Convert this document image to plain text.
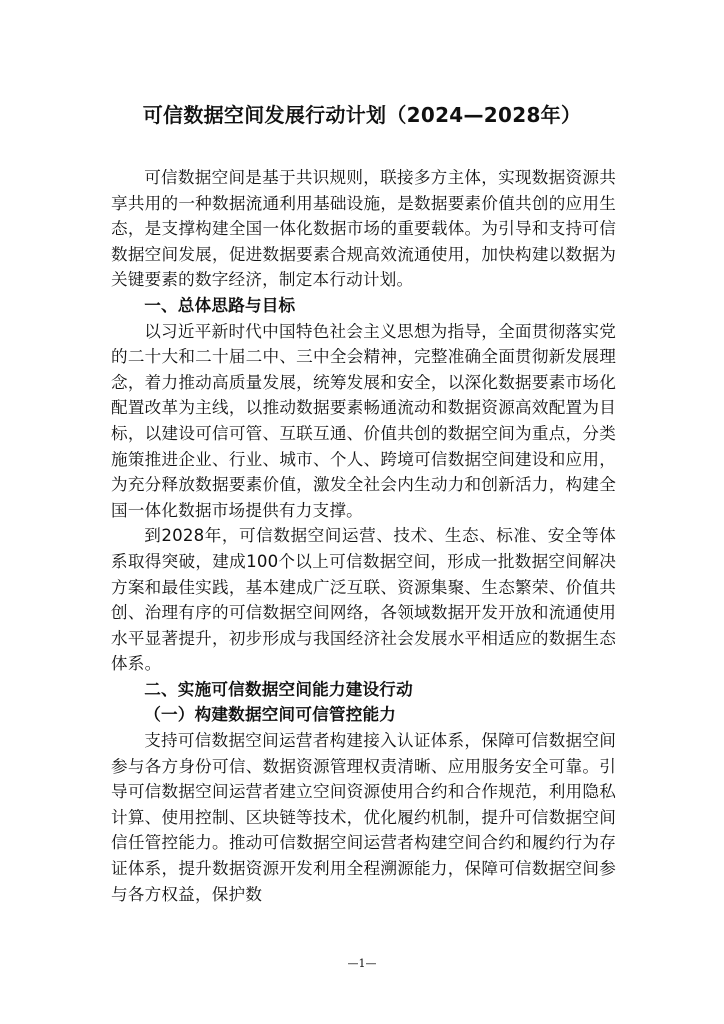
可信数据空间发展行动计划（2024—2028年）

可信数据空间是基于共识规则，联接多方主体，实现数据资源共享共用的一种数据流通利用基础设施，是数据要素价值共创的应用生态，是支撑构建全国一体化数据市场的重要载体。为引导和支持可信数据空间发展，促进数据要素合规高效流通使用，加快构建以数据为关键要素的数字经济，制定本行动计划。

一、总体思路与目标

以习近平新时代中国特色社会主义思想为指导，全面贯彻落实党的二十大和二十届二中、三中全会精神，完整准确全面贯彻新发展理念，着力推动高质量发展，统筹发展和安全，以深化数据要素市场化配置改革为主线，以推动数据要素畅通流动和数据资源高效配置为目标，以建设可信可管、互联互通、价值共创的数据空间为重点，分类施策推进企业、行业、城市、个人、跨境可信数据空间建设和应用，为充分释放数据要素价值，激发全社会内生动力和创新活力，构建全国一体化数据市场提供有力支撑。

到2028年，可信数据空间运营、技术、生态、标准、安全等体系取得突破，建成100个以上可信数据空间，形成一批数据空间解决方案和最佳实践，基本建成广泛互联、资源集聚、生态繁荣、价值共创、治理有序的可信数据空间网络，各领域数据开发开放和流通使用水平显著提升，初步形成与我国经济社会发展水平相适应的数据生态体系。

二、实施可信数据空间能力建设行动
（一）构建数据空间可信管控能力

支持可信数据空间运营者构建接入认证体系，保障可信数据空间参与各方身份可信、数据资源管理权责清晰、应用服务安全可靠。引导可信数据空间运营者建立空间资源使用合约和合作规范，利用隐私计算、使用控制、区块链等技术，优化履约机制，提升可信数据空间信任管控能力。推动可信数据空间运营者构建空间合约和履约行为存证体系，提升数据资源开发利用全程溯源能力，保障可信数据空间参与各方权益，保护数

—1—
